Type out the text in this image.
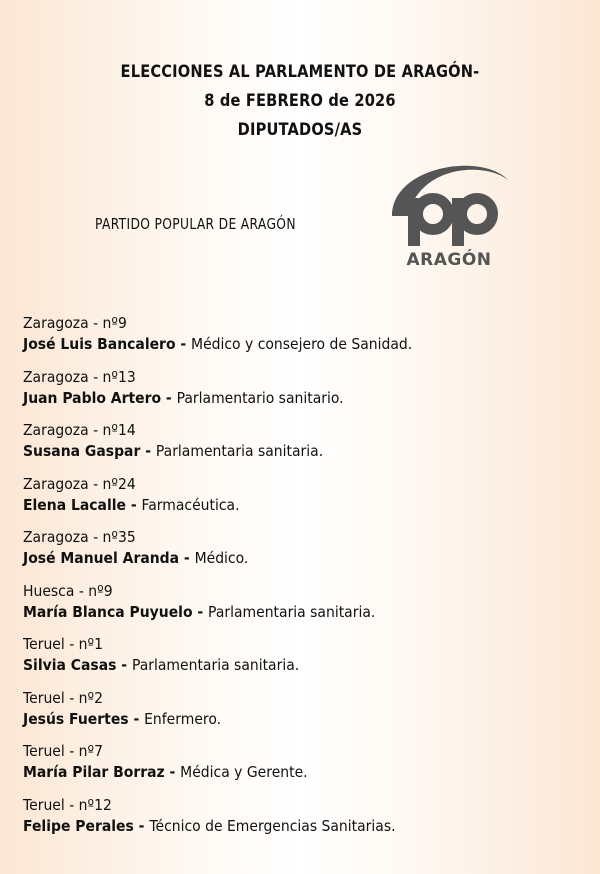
ELECCIONES AL PARLAMENTO DE ARAGÓN-
8 de FEBRERO de 2026
DIPUTADOS/AS
PARTIDO POPULAR DE ARAGÓN
ARAGÓN
Zaragoza - nº9
José Luis Bancalero - Médico y consejero de Sanidad.
Zaragoza - nº13
Juan Pablo Artero - Parlamentario sanitario.
Zaragoza - nº14
Susana Gaspar - Parlamentaria sanitaria.
Zaragoza - nº24
Elena Lacalle - Farmacéutica.
Zaragoza - nº35
José Manuel Aranda - Médico.
Huesca - nº9
María Blanca Puyuelo - Parlamentaria sanitaria.
Teruel - nº1
Silvia Casas - Parlamentaria sanitaria.
Teruel - nº2
Jesús Fuertes - Enfermero.
Teruel - nº7
María Pilar Borraz - Médica y Gerente.
Teruel - nº12
Felipe Perales - Técnico de Emergencias Sanitarias.
